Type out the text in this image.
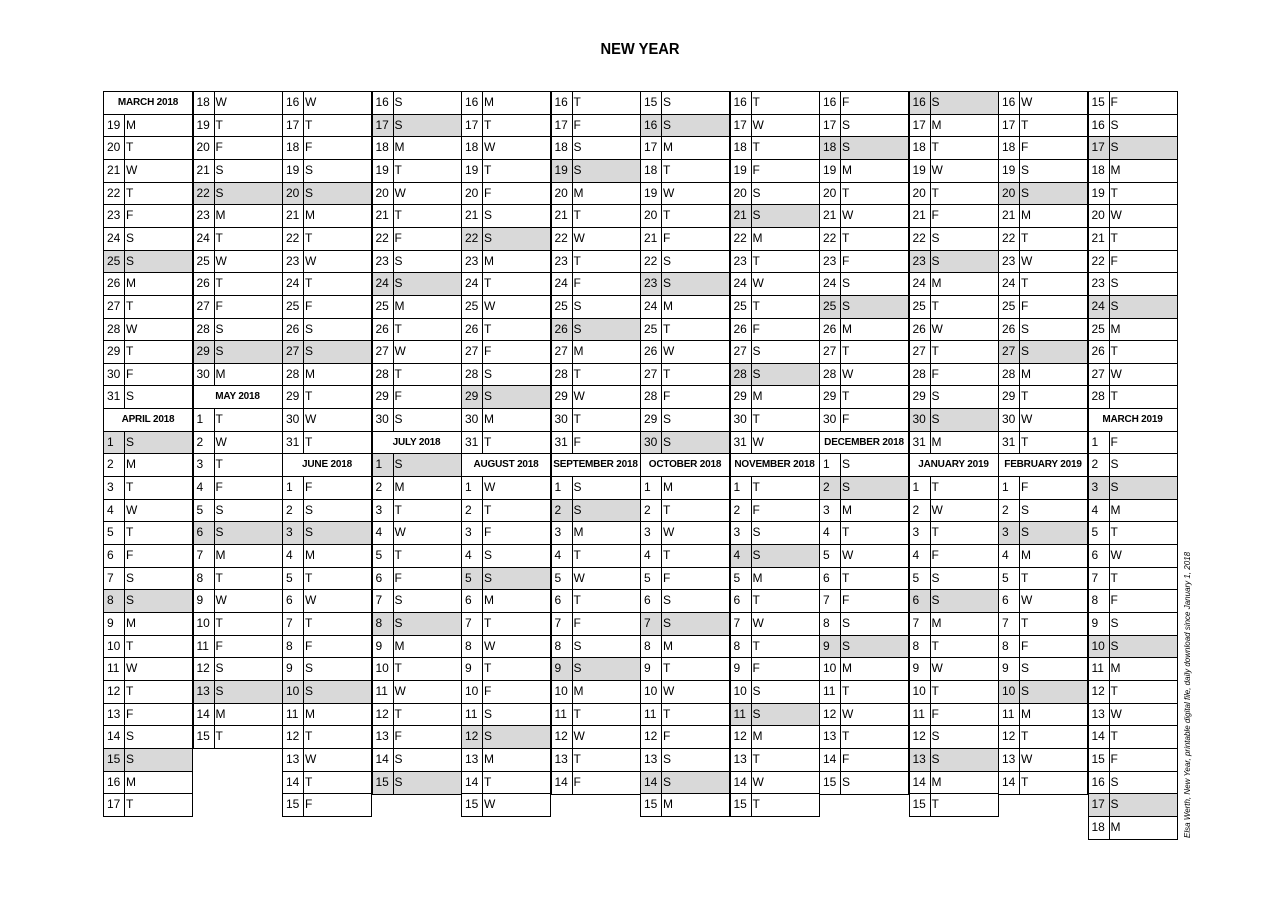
NEW YEAR
MARCH 2018
19 M
20 T
21 W
22 T
23 F
24 S
25 S
26 M
27 T
28 W
29 T
30 F
31 S
APRIL 2018
1 S
2 M
3 T
4 W
5 T
6 F
7 S
8 S
9 M
10 T
11 W
12 T
13 F
14 S
15 S
16 M
17 T
18 W
19 T
20 F
21 S
22 S
23 M
24 T
25 W
26 T
27 F
28 S
29 S
30 M
MAY 2018
1 T
2 W
3 T
4 F
5 S
6 S
7 M
8 T
9 W
10 T
11 F
12 S
13 S
14 M
15 T
16 W
17 T
18 F
19 S
20 S
21 M
22 T
23 W
24 T
25 F
26 S
27 S
28 M
29 T
30 W
31 T
JUNE 2018
1 F
2 S
3 S
4 M
5 T
6 W
7 T
8 F
9 S
10 S
11 M
12 T
13 W
14 T
15 F
16 S
17 S
18 M
19 T
20 W
21 T
22 F
23 S
24 S
25 M
26 T
27 W
28 T
29 F
30 S
JULY 2018
1 S
2 M
3 T
4 W
5 T
6 F
7 S
8 S
9 M
10 T
11 W
12 T
13 F
14 S
15 S
16 M
17 T
18 W
19 T
20 F
21 S
22 S
23 M
24 T
25 W
26 T
27 F
28 S
29 S
30 M
31 T
AUGUST 2018
1 W
2 T
3 F
4 S
5 S
6 M
7 T
8 W
9 T
10 F
11 S
12 S
13 M
14 T
15 W
16 T
17 F
18 S
19 S
20 M
21 T
22 W
23 T
24 F
25 S
26 S
27 M
28 T
29 W
30 T
31 F
SEPTEMBER 2018
1 S
2 S
3 M
4 T
5 W
6 T
7 F
8 S
9 S
10 M
11 T
12 W
13 T
14 F
15 S
16 S
17 M
18 T
19 W
20 T
21 F
22 S
23 S
24 M
25 T
26 W
27 T
28 F
29 S
30 S
OCTOBER 2018
1 M
2 T
3 W
4 T
5 F
6 S
7 S
8 M
9 T
10 W
11 T
12 F
13 S
14 S
15 M
16 T
17 W
18 T
19 F
20 S
21 S
22 M
23 T
24 W
25 T
26 F
27 S
28 S
29 M
30 T
31 W
NOVEMBER 2018
1 T
2 F
3 S
4 S
5 M
6 T
7 W
8 T
9 F
10 S
11 S
12 M
13 T
14 W
15 T
16 F
17 S
18 S
19 M
20 T
21 W
22 T
23 F
24 S
25 S
26 M
27 T
28 W
29 T
30 F
DECEMBER 2018
1 S
2 S
3 M
4 T
5 W
6 T
7 F
8 S
9 S
10 M
11 T
12 W
13 T
14 F
15 S
16 S
17 M
18 T
19 W
20 T
21 F
22 S
23 S
24 M
25 T
26 W
27 T
28 F
29 S
30 S
31 M
JANUARY 2019
1 T
2 W
3 T
4 F
5 S
6 S
7 M
8 T
9 W
10 T
11 F
12 S
13 S
14 M
15 T
16 W
17 T
18 F
19 S
20 S
21 M
22 T
23 W
24 T
25 F
26 S
27 S
28 M
29 T
30 W
31 T
FEBRUARY 2019
1 F
2 S
3 S
4 M
5 T
6 W
7 T
8 F
9 S
10 S
11 M
12 T
13 W
14 T
15 F
16 S
17 S
18 M
19 T
20 W
21 T
22 F
23 S
24 S
25 M
26 T
27 W
28 T
MARCH 2019
1 F
2 S
3 S
4 M
5 T
6 W
7 T
8 F
9 S
10 S
11 M
12 T
13 W
14 T
15 F
16 S
17 S
18 M	Elsa Werth, New Year, printable digital file, daily download since January 1, 2018
